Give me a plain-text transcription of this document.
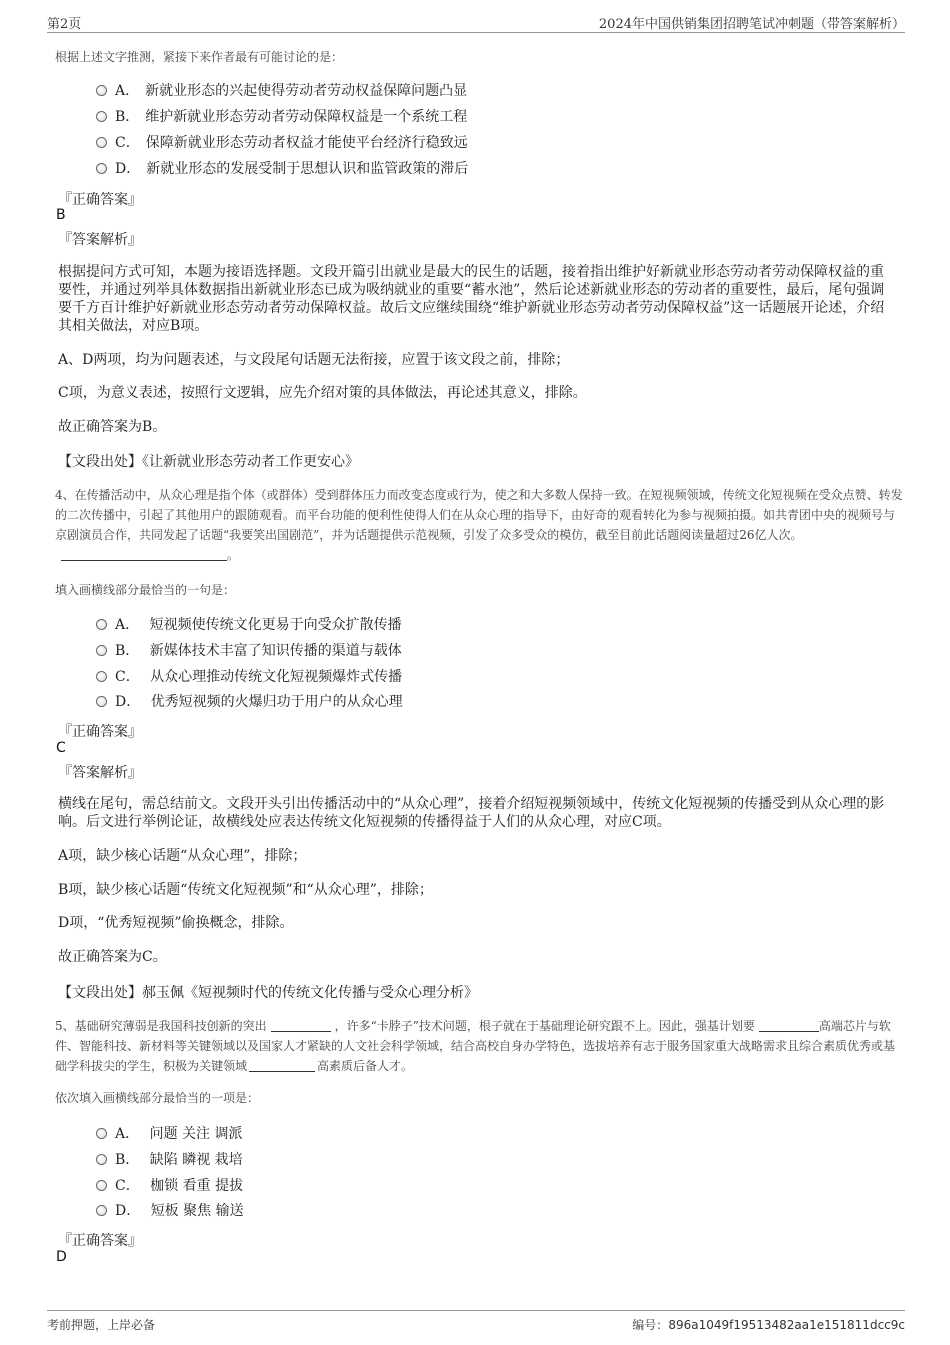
第2页	2024年中国供销集团招聘笔试冲刺题（带答案解析）
根据上述文字推测，紧接下来作者最有可能讨论的是：
A． 新就业形态的兴起使得劳动者劳动权益保障问题凸显
B． 维护新就业形态劳动者劳动保障权益是一个系统工程
C． 保障新就业形态劳动者权益才能使平台经济行稳致远
D． 新就业形态的发展受制于思想认识和监管政策的滞后
『正确答案』
B
『答案解析』
根据提问方式可知，本题为接语选择题。文段开篇引出就业是最大的民生的话题，接着指出维护好新就业形态劳动者劳动保障权益的重要性，并通过列举具体数据指出新就业形态已成为吸纳就业的重要“蓄水池”，然后论述新就业形态的劳动者的重要性，最后，尾句强调要千方百计维护好新就业形态劳动者劳动保障权益。故后文应继续围绕“维护新就业形态劳动者劳动保障权益”这一话题展开论述，介绍其相关做法，对应B项。
A、D两项，均为问题表述，与文段尾句话题无法衔接，应置于该文段之前，排除；
C项，为意义表述，按照行文逻辑，应先介绍对策的具体做法，再论述其意义，排除。
故正确答案为B。
【文段出处】《让新就业形态劳动者工作更安心》
4、在传播活动中，从众心理是指个体（或群体）受到群体压力而改变态度或行为，使之和大多数人保持一致。在短视频领域，传统文化短视频在受众点赞、转发的二次传播中，引起了其他用户的跟随观看。而平台功能的便利性使得人们在从众心理的指导下，由好奇的观看转化为参与视频拍摄。如共青团中央的视频号与京剧演员合作，共同发起了话题“我要笑出国剧范”，并为话题提供示范视频，引发了众多受众的模仿，截至目前此话题阅读量超过26亿人次。。
填入画横线部分最恰当的一句是：
A． 短视频使传统文化更易于向受众扩散传播
B． 新媒体技术丰富了知识传播的渠道与载体
C． 从众心理推动传统文化短视频爆炸式传播
D． 优秀短视频的火爆归功于用户的从众心理
『正确答案』
C
『答案解析』
横线在尾句，需总结前文。文段开头引出传播活动中的“从众心理”，接着介绍短视频领域中，传统文化短视频的传播受到从众心理的影响。后文进行举例论证，故横线处应表达传统文化短视频的传播得益于人们的从众心理，对应C项。
A项，缺少核心话题“从众心理”，排除；
B项，缺少核心话题“传统文化短视频”和“从众心理”，排除；
D项，“优秀短视频”偷换概念，排除。
故正确答案为C。
【文段出处】郝玉佩《短视频时代的传统文化传播与受众心理分析》
5、基础研究薄弱是我国科技创新的突出	，许多“卡脖子”技术问题，根子就在于基础理论研究跟不上。因此，强基计划要	高端芯片与软件、智能科技、新材料等关键领域以及国家人才紧缺的人文社会科学领域，结合高校自身办学特色，选拔培养有志于服务国家重大战略需求且综合素质优秀或基础学科拔尖的学生，积极为关键领域	高素质后备人才。
依次填入画横线部分最恰当的一项是：
A． 问题 关注 调派
B． 缺陷 瞵视 栽培
C． 枷锁 看重 提拔
D． 短板 聚焦 输送
『正确答案』
D
考前押题，上岸必备	编号：896a1049f19513482aa1e151811dcc9c
